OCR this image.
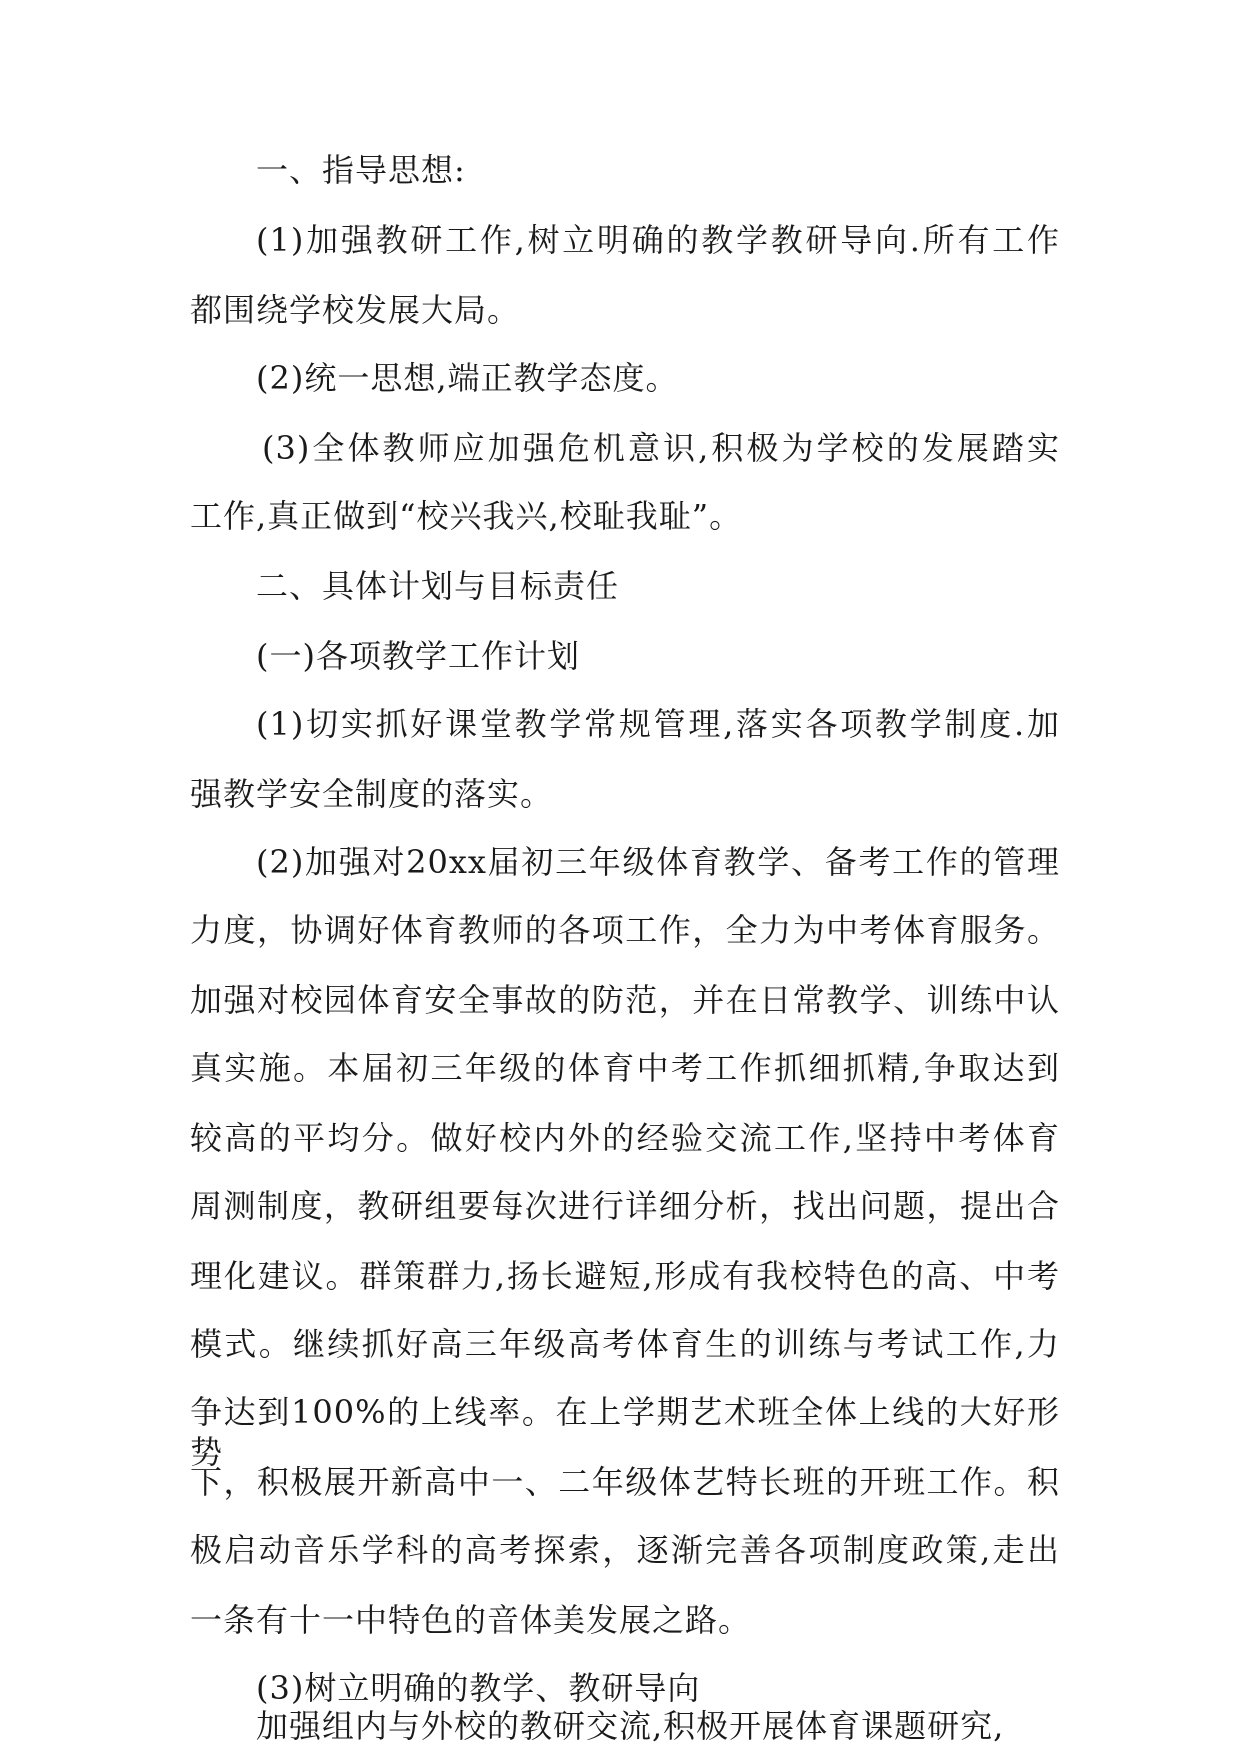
一、指导思想:
(1)加强教研工作,树立明确的教学教研导向.所有工作
都围绕学校发展大局。
(2)统一思想,端正教学态度。
(3)全体教师应加强危机意识,积极为学校的发展踏实
工作,真正做到“校兴我兴,校耻我耻”。
二、具体计划与目标责任
(一)各项教学工作计划
(1)切实抓好课堂教学常规管理,落实各项教学制度.加
强教学安全制度的落实。
(2)加强对20xx届初三年级体育教学、备考工作的管理
力度，协调好体育教师的各项工作，全力为中考体育服务。
加强对校园体育安全事故的防范，并在日常教学、训练中认
真实施。本届初三年级的体育中考工作抓细抓精,争取达到
较高的平均分。做好校内外的经验交流工作,坚持中考体育
周测制度，教研组要每次进行详细分析，找出问题，提出合
理化建议。群策群力,扬长避短,形成有我校特色的高、中考
模式。继续抓好高三年级高考体育生的训练与考试工作,力
争达到100%的上线率。在上学期艺术班全体上线的大好形势
下，积极展开新高中一、二年级体艺特长班的开班工作。积
极启动音乐学科的高考探索，逐渐完善各项制度政策,走出
一条有十一中特色的音体美发展之路。
(3)树立明确的教学、教研导向
加强组内与外校的教研交流,积极开展体育课题研究,
